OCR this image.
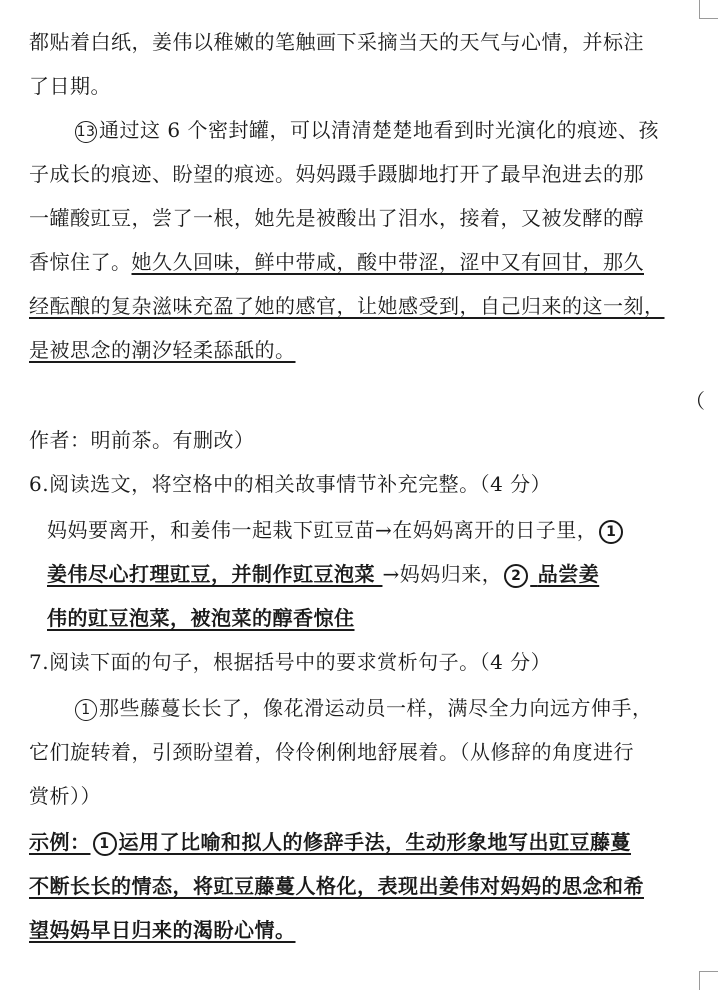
都贴着白纸，姜伟以稚嫩的笔触画下采摘当天的天气与心情，并标注
了日期。
13 通过这 6 个密封罐，可以清清楚楚地看到时光演化的痕迹、孩
子成长的痕迹、盼望的痕迹。妈妈蹑手蹑脚地打开了最早泡进去的那
一罐酸豇豆，尝了一根，她先是被酸出了泪水，接着，又被发酵的醇
香惊住了。她久久回味，鲜中带咸，酸中带涩，涩中又有回甘，那久
经酝酿的复杂滋味充盈了她的感官，让她感受到，自己归来的这一刻，
是被思念的潮汐轻柔舔舐的。
（
作者：明前茶。有删改）
6.阅读选文，将空格中的相关故事情节补充完整。（4 分）
妈妈要离开，和姜伟一起栽下豇豆苗→在妈妈离开的日子里， 1
姜伟尽心打理豇豆，并制作豇豆泡菜 →妈妈归来， 2 品尝姜
伟的豇豆泡菜，被泡菜的醇香惊住
7.阅读下面的句子，根据括号中的要求赏析句子。（4 分）
1 那些藤蔓长长了，像花滑运动员一样，满尽全力向远方伸手，
它们旋转着，引颈盼望着，伶伶俐俐地舒展着。（从修辞的角度进行
赏析））
示例： 1 运用了比喻和拟人的修辞手法，生动形象地写出豇豆藤蔓
不断长长的情态，将豇豆藤蔓人格化，表现出姜伟对妈妈的思念和希
望妈妈早日归来的渴盼心情。
